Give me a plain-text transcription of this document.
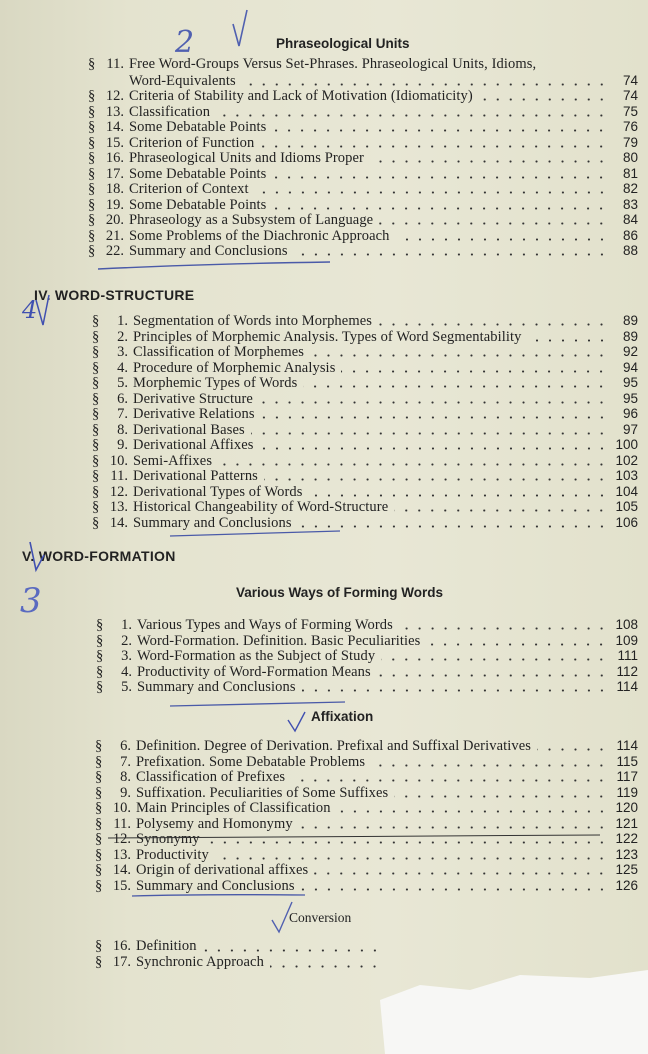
Phraseological Units
§ 11. Free Word-Groups Versus Set-Phrases. Phraseological Units, Idioms,
Word-Equivalents	74
§ 12. Criteria of Stability and Lack of Motivation (Idiomaticity)	74
§ 13. Classification	75
§ 14. Some Debatable Points	76
§ 15. Criterion of Function	79
§ 16. Phraseological Units and Idioms Proper	80
§ 17. Some Debatable Points	81
§ 18. Criterion of Context	82
§ 19. Some Debatable Points	83
§ 20. Phraseology as a Subsystem of Language	84
§ 21. Some Problems of the Diachronic Approach	86
§ 22. Summary and Conclusions	88
IV. WORD-STRUCTURE
§	1. Segmentation of Words into Morphemes	89
§	2. Principles of Morphemic Analysis. Types of Word Segmentability	89
§	3. Classification of Morphemes	92
§	4. Procedure of Morphemic Analysis	94
§	5. Morphemic Types of Words	95
§	6. Derivative Structure	95
§	7. Derivative Relations	96
§	8. Derivational Bases	97
§	9. Derivational Affixes	100
§ 10. Semi-Affixes	102
§ 11. Derivational Patterns	103
§ 12. Derivational Types of Words	104
§ 13. Historical Changeability of Word-Structure	105
§ 14. Summary and Conclusions	106
V. WORD-FORMATION
Various Ways of Forming Words
§	1. Various Types and Ways of Forming Words	108
§	2. Word-Formation. Definition. Basic Peculiarities	109
§	3. Word-Formation as the Subject of Study	111
§	4. Productivity of Word-Formation Means	112
§	5. Summary and Conclusions	114
Affixation
§	6. Definition. Degree of Derivation. Prefixal and Suffixal Derivatives	114
§	7. Prefixation. Some Debatable Problems	115
§	8. Classification of Prefixes	117
§	9. Suffixation. Peculiarities of Some Suffixes	119
§ 10. Main Principles of Classification	120
§ 11. Polysemy and Homonymy	121
§ 12. Synonymy	122
§ 13. Productivity	123
§ 14. Origin of derivational affixes	125
§ 15. Summary and Conclusions	126
Conversion
§ 16. Definition
§ 17. Synchronic Approach
2
4
3
